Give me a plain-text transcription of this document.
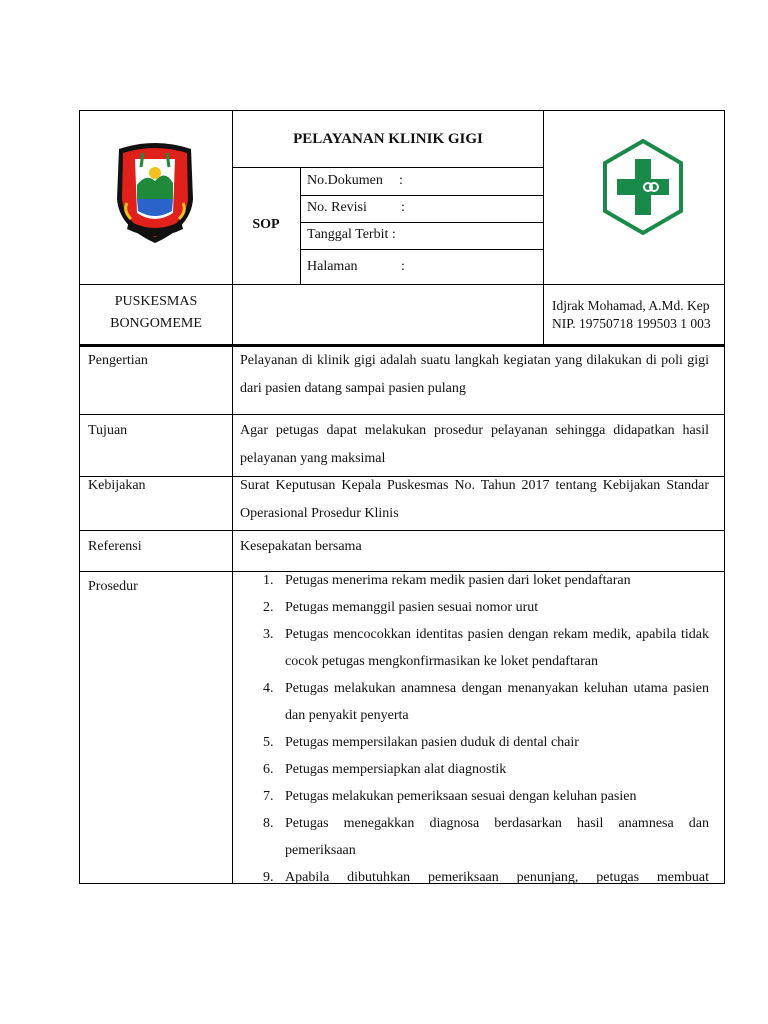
PELAYANAN KLINIK GIGI
SOP
No.Dokumen :
No. Revisi :
Tanggal Terbit :
Halaman	:
PUSKESMAS
BONGOMEME
Idjrak Mohamad, A.Md. Kep
NIP. 19750718 199503 1 003
Pengertian	Pelayanan di klinik gigi adalah suatu langkah kegiatan yang dilakukan di poli gigi dari pasien datang sampai pasien pulang
Tujuan	Agar petugas dapat melakukan prosedur pelayanan sehingga didapatkan hasil pelayanan yang maksimal
Kebijakan	Surat Keputusan Kepala Puskesmas No. Tahun 2017 tentang Kebijakan Standar Operasional Prosedur Klinis
Referensi	Kesepakatan bersama
Prosedur	1. Petugas menerima rekam medik pasien dari loket pendaftaran
2. Petugas memanggil pasien sesuai nomor urut
3. Petugas mencocokkan identitas pasien dengan rekam medik, apabila tidak cocok petugas mengkonfirmasikan ke loket pendaftaran
4. Petugas melakukan anamnesa dengan menanyakan keluhan utama pasien dan penyakit penyerta
5. Petugas mempersilakan pasien duduk di dental chair
6. Petugas mempersiapkan alat diagnostik
7. Petugas melakukan pemeriksaan sesuai dengan keluhan pasien
8. Petugas menegakkan diagnosa berdasarkan hasil anamnesa dan pemeriksaan
9. Apabila dibutuhkan pemeriksaan penunjang, petugas membuat
